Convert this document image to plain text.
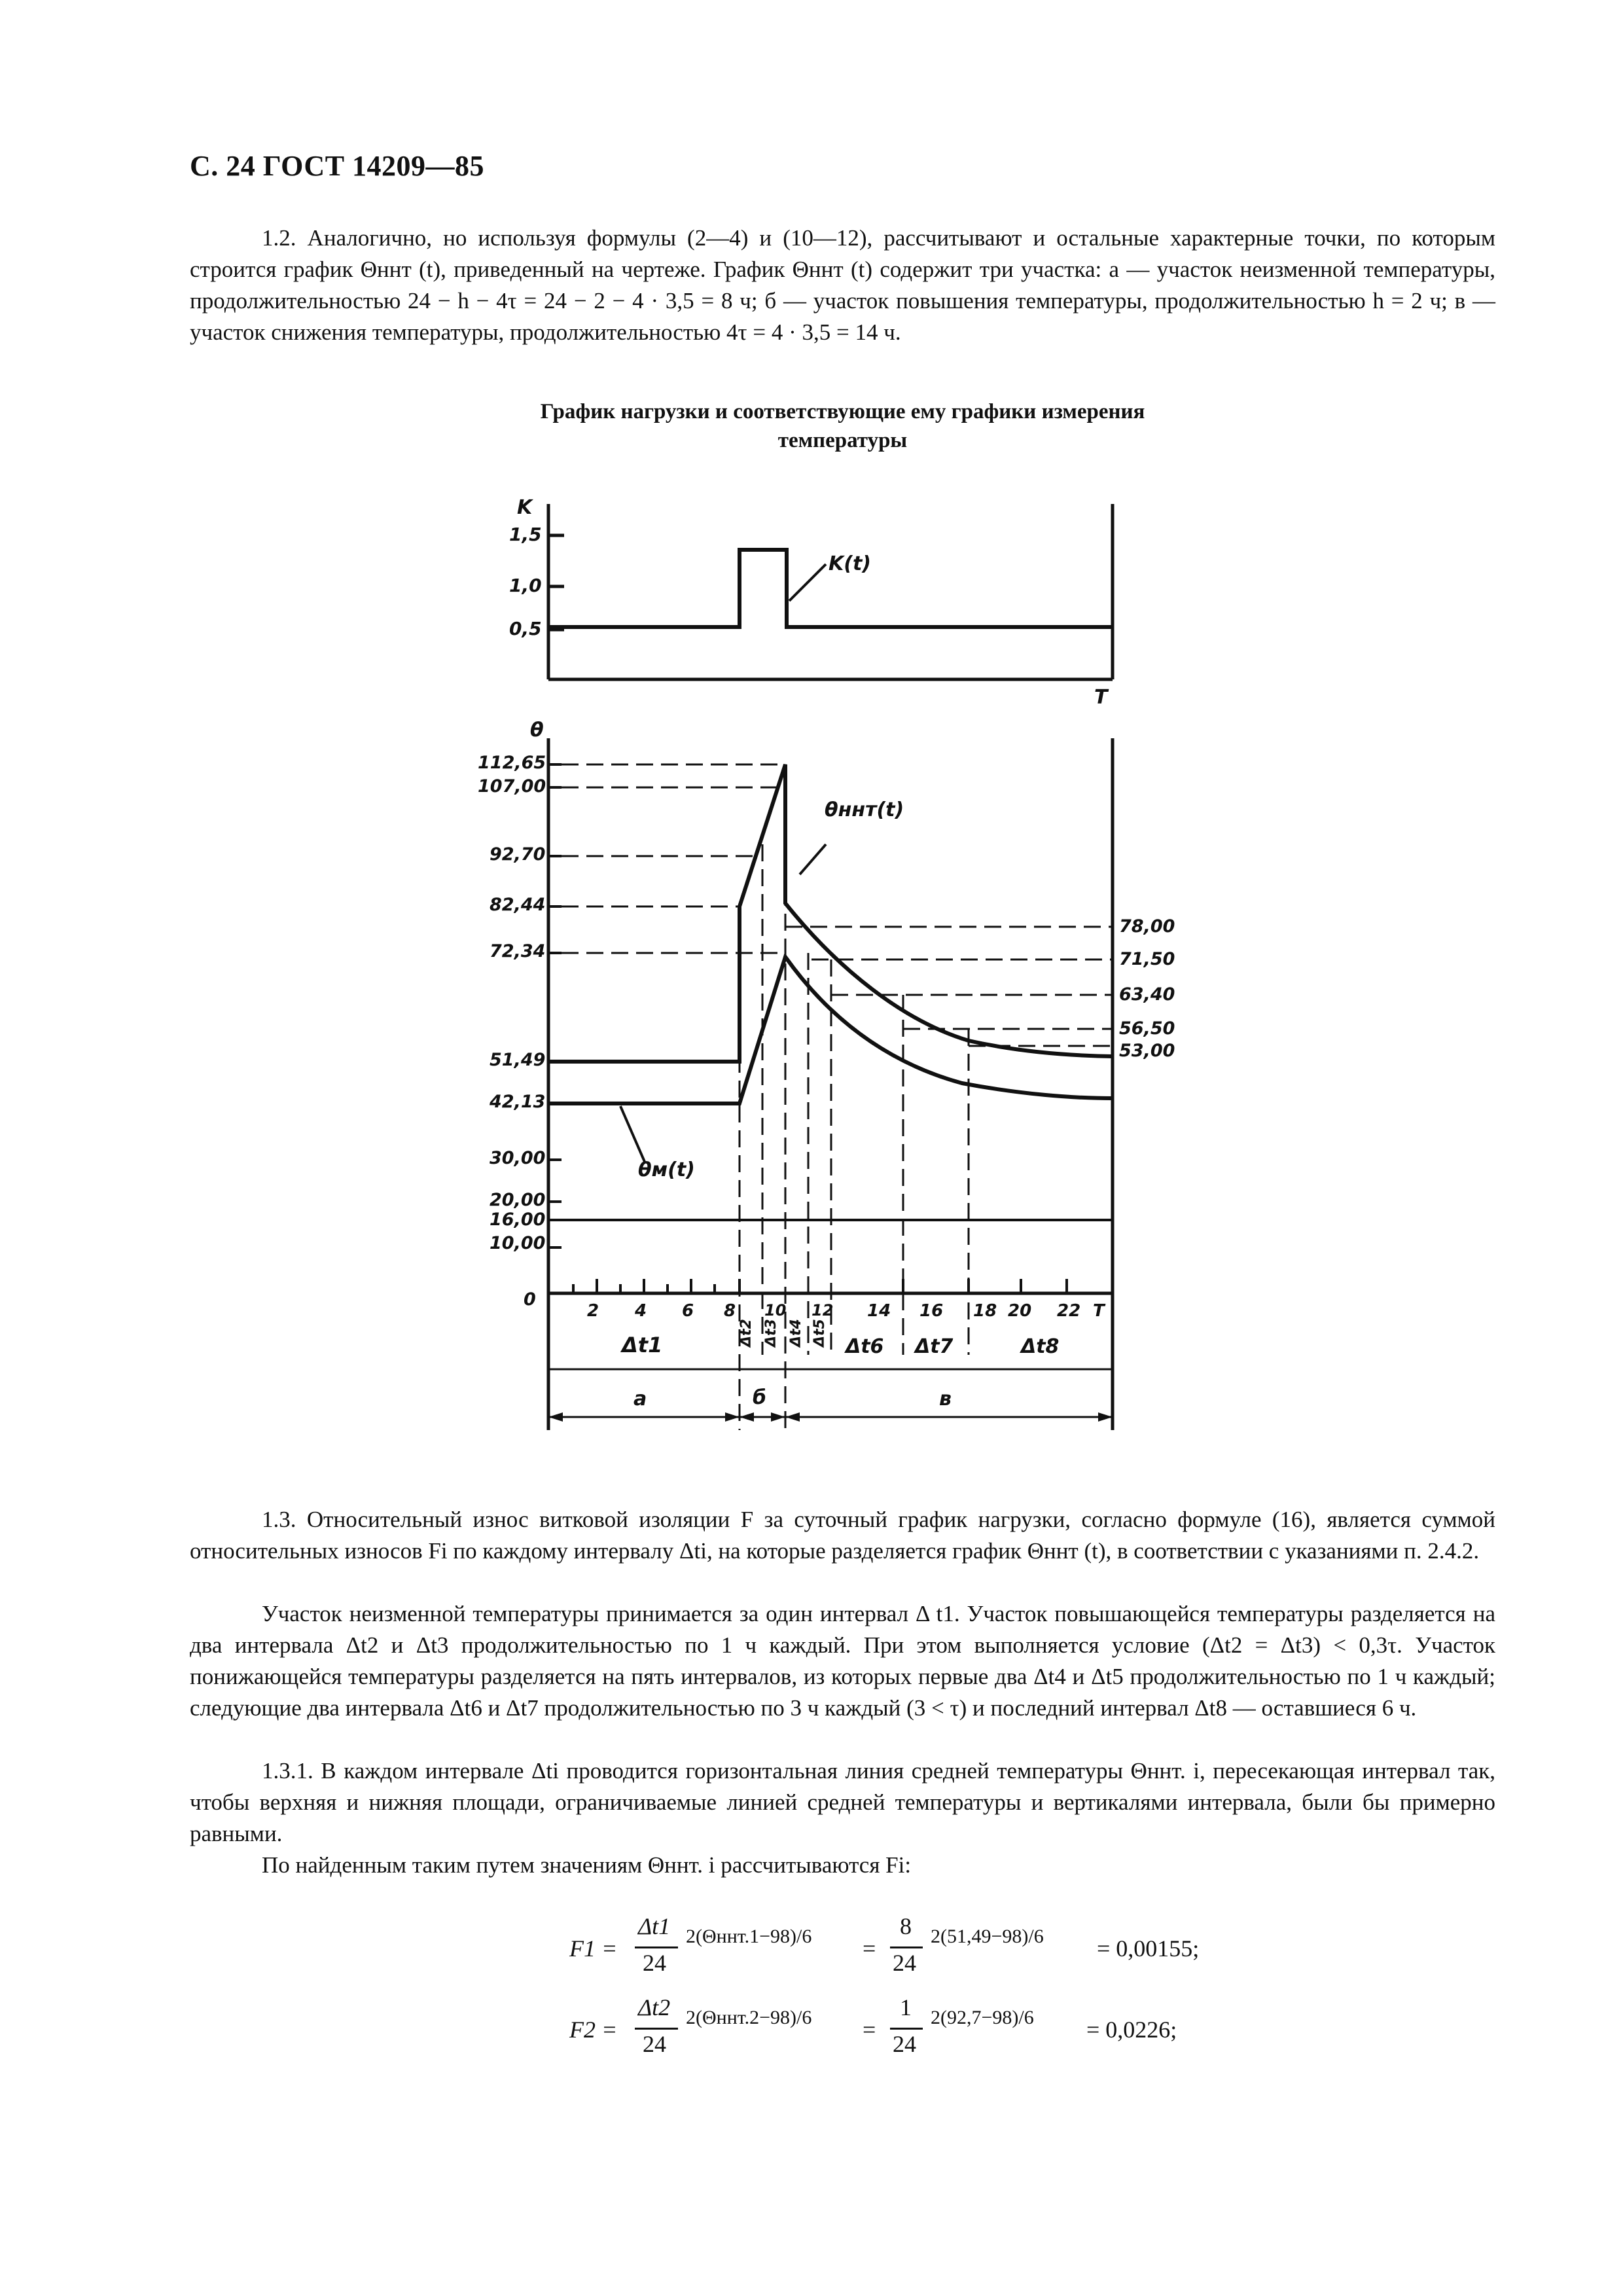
С. 24 ГОСТ 14209—85

1.2. Аналогично, но используя формулы (2—4) и (10—12), рассчитывают и остальные характерные точки, по которым строится график Θннт (t), приведенный на чертеже. График Θннт (t) содержит три участка: а — участок неизменной температуры, продолжительностью 24 − h − 4τ = 24 − 2 − 4 · 3,5 = 8 ч; б — участок повышения температуры, продолжительностью h = 2 ч; в — участок снижения температуры, продолжительностью 4τ = 4 · 3,5 = 14 ч.

График нагрузки и соответствующие ему графики измерения
температуры
K
1,5
1,0
0,5
T
K(t)
θ
112,65
107,00
92,70
82,44
72,34
51,49
42,13
30,00
20,00
16,00
10,00
0
78,00
71,50
63,40
56,50
53,00
θннт(t)
θм(t)
2 4 6 8 10 12 14 16 18 20 22 T
Δt1	Δt2 Δt3 Δt4 Δt5 Δt6 Δt7	Δt8
а	б	в

1.3. Относительный износ витковой изоляции F за суточный график нагрузки, согласно формуле (16), является суммой относительных износов Fi по каждому интервалу Δti, на которые разделяется график Θннт (t), в соответствии с указаниями п. 2.4.2.

Участок неизменной температуры принимается за один интервал Δ t1. Участок повышающейся температуры разделяется на два интервала Δt2 и Δt3 продолжительностью по 1 ч каждый. При этом выполняется условие (Δt2 = Δt3) < 0,3τ. Участок понижающейся температуры разделяется на пять интервалов, из которых первые два Δt4 и Δt5 продолжительностью по 1 ч каждый; следующие два интервала Δt6 и Δt7 продолжительностью по 3 ч каждый (3 < τ) и последний интервал Δt8 — оставшиеся 6 ч.

1.3.1. В каждом интервале Δti проводится горизонтальная линия средней температуры Θннт. i, пересекающая интервал так, чтобы верхняя и нижняя площади, ограничиваемые линией средней температуры и вертикалями интервала, были бы примерно равными.

По найденным таким путем значениям Θннт. i рассчитываются Fi:

F1 =
Δt1
24
2(Θннт.1−98)/6 =
8
24
2(51,49−98)/6 = 0,00155;
F2 =
Δt2
24
2(Θннт.2−98)/6 =
1
24
2(92,7−98)/6 = 0,0226;
